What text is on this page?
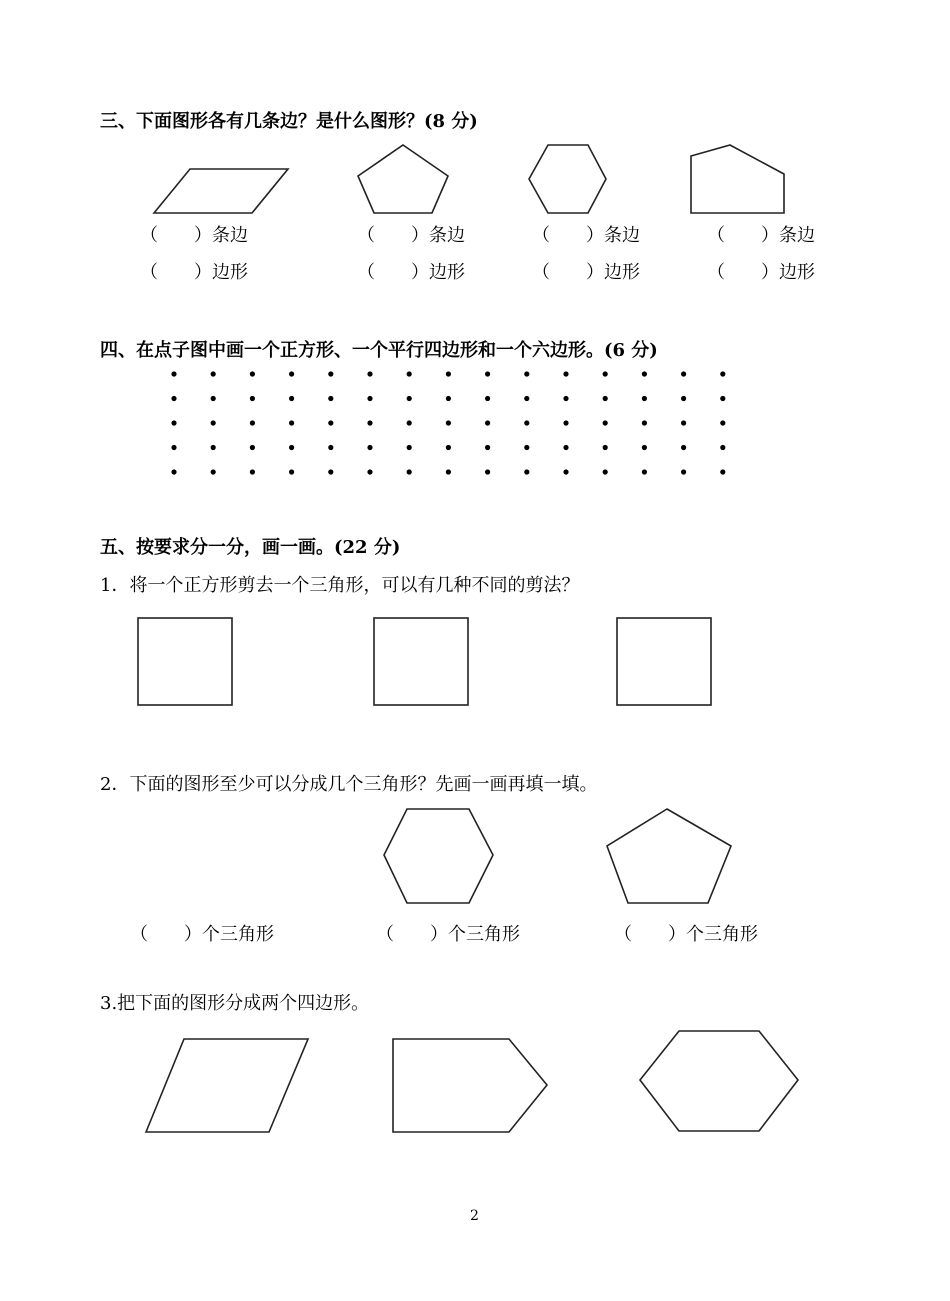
三、下面图形各有几条边？是什么图形？(8 分)
（　　）条边	（　　）条边	（　　）条边	（　　）条边
（　　）边形	（　　）边形	（　　）边形	（　　）边形
四、在点子图中画一个正方形、一个平行四边形和一个六边形。(6 分)
五、按要求分一分，画一画。(22 分)
1．将一个正方形剪去一个三角形，可以有几种不同的剪法？
2．下面的图形至少可以分成几个三角形？先画一画再填一填。
（　　）个三角形	（　　）个三角形	（　　）个三角形
3.把下面的图形分成两个四边形。
2
